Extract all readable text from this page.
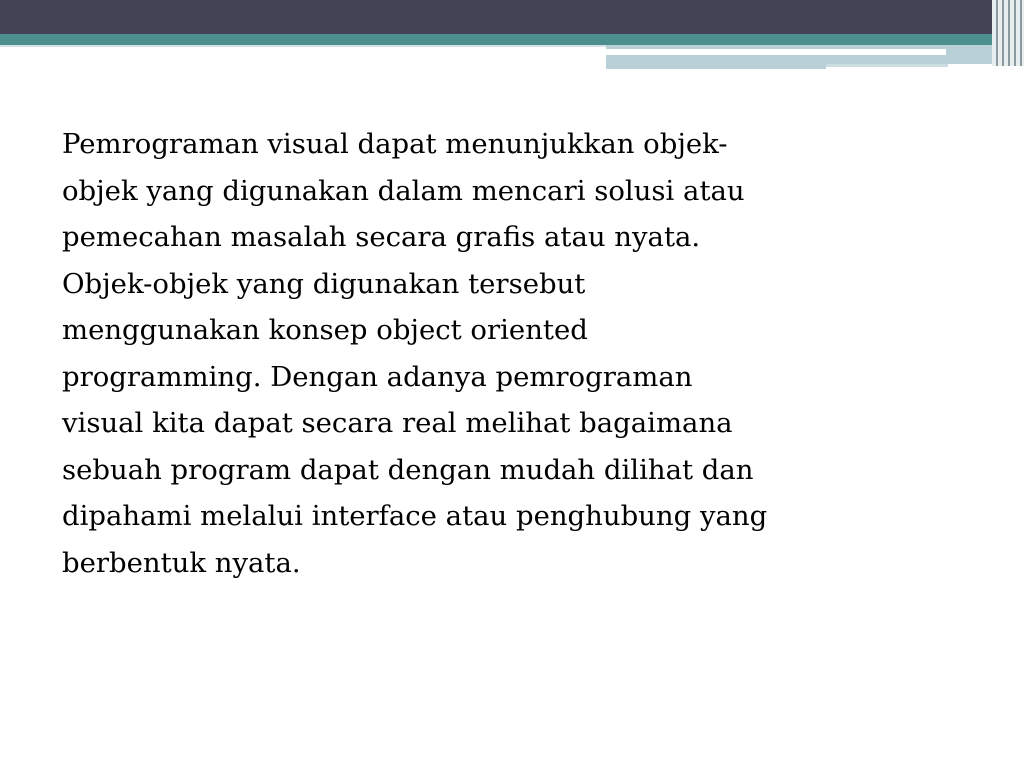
Pemrograman visual dapat menunjukkan objek-
objek yang digunakan dalam mencari solusi atau
pemecahan masalah secara grafis atau nyata.
Objek-objek yang digunakan tersebut
menggunakan konsep object oriented
programming. Dengan adanya pemrograman
visual kita dapat secara real melihat bagaimana
sebuah program dapat dengan mudah dilihat dan
dipahami melalui interface atau penghubung yang
berbentuk nyata.
